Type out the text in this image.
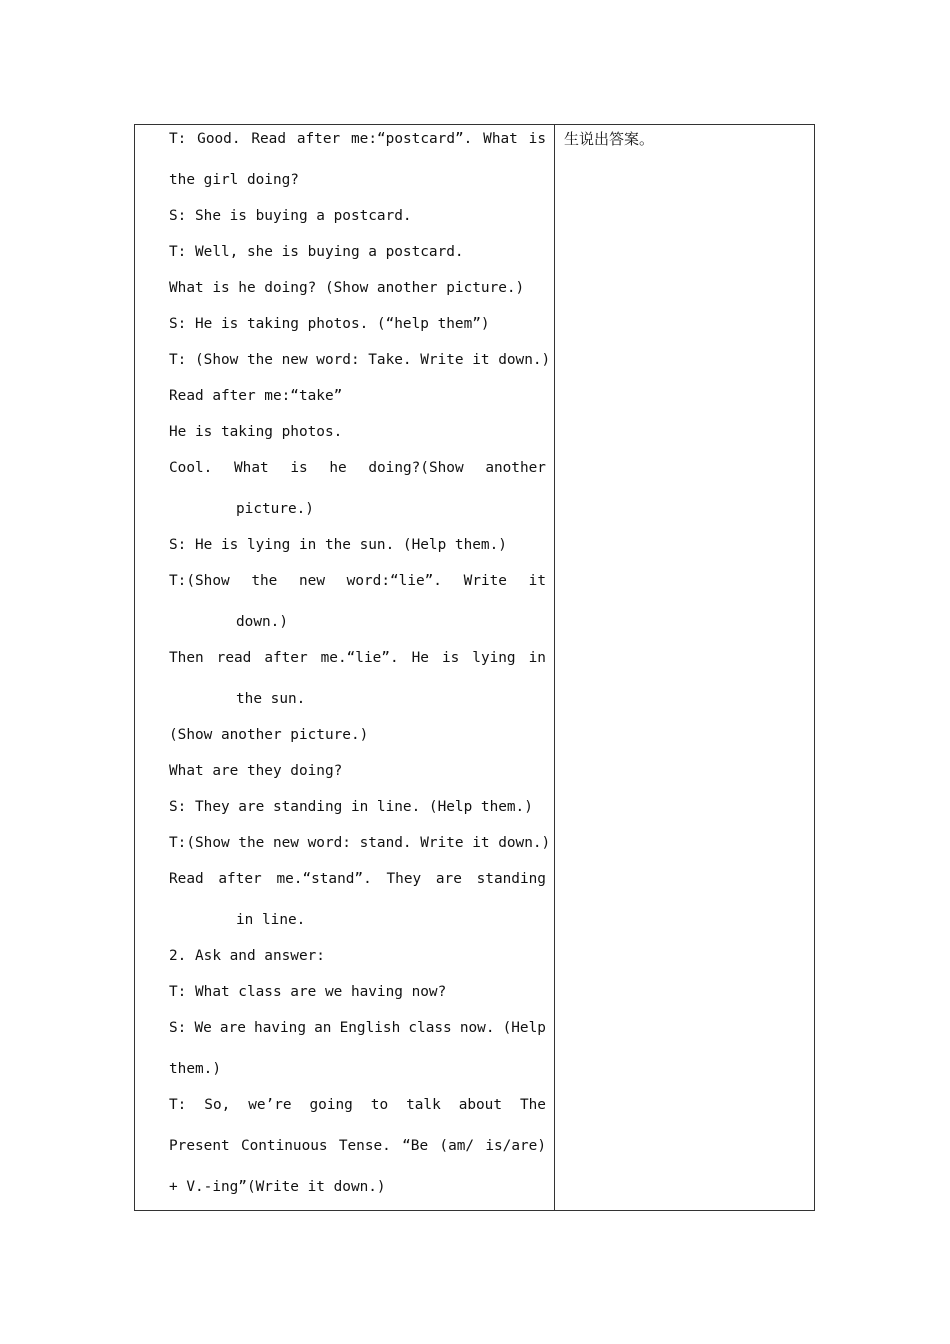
T: Good. Read after me:“postcard”. What is
the girl doing?
S: She is buying a postcard.
T: Well, she is buying a postcard.
What is he doing? (Show another picture.)
S: He is taking photos. (“help them”)
T: (Show the new word: Take. Write it down.)
Read after me:“take”
He is taking photos.
Cool. What is he doing?(Show another
picture.)
S: He is lying in the sun. (Help them.)
T:(Show the new word:“lie”. Write it
down.)
Then read after me.“lie”. He is lying in
the sun.
(Show another picture.)
What are they doing?
S: They are standing in line. (Help them.)
T:(Show the new word: stand. Write it down.)
Read after me.“stand”. They are standing
in line.
2. Ask and answer:
T: What class are we having now?
S: We are having an English class now. (Help
them.)
T: So, we’re going to talk about The
Present Continuous Tense. “Be (am/ is/are)
+ V.-ing”(Write it down.)
生说出答案。
